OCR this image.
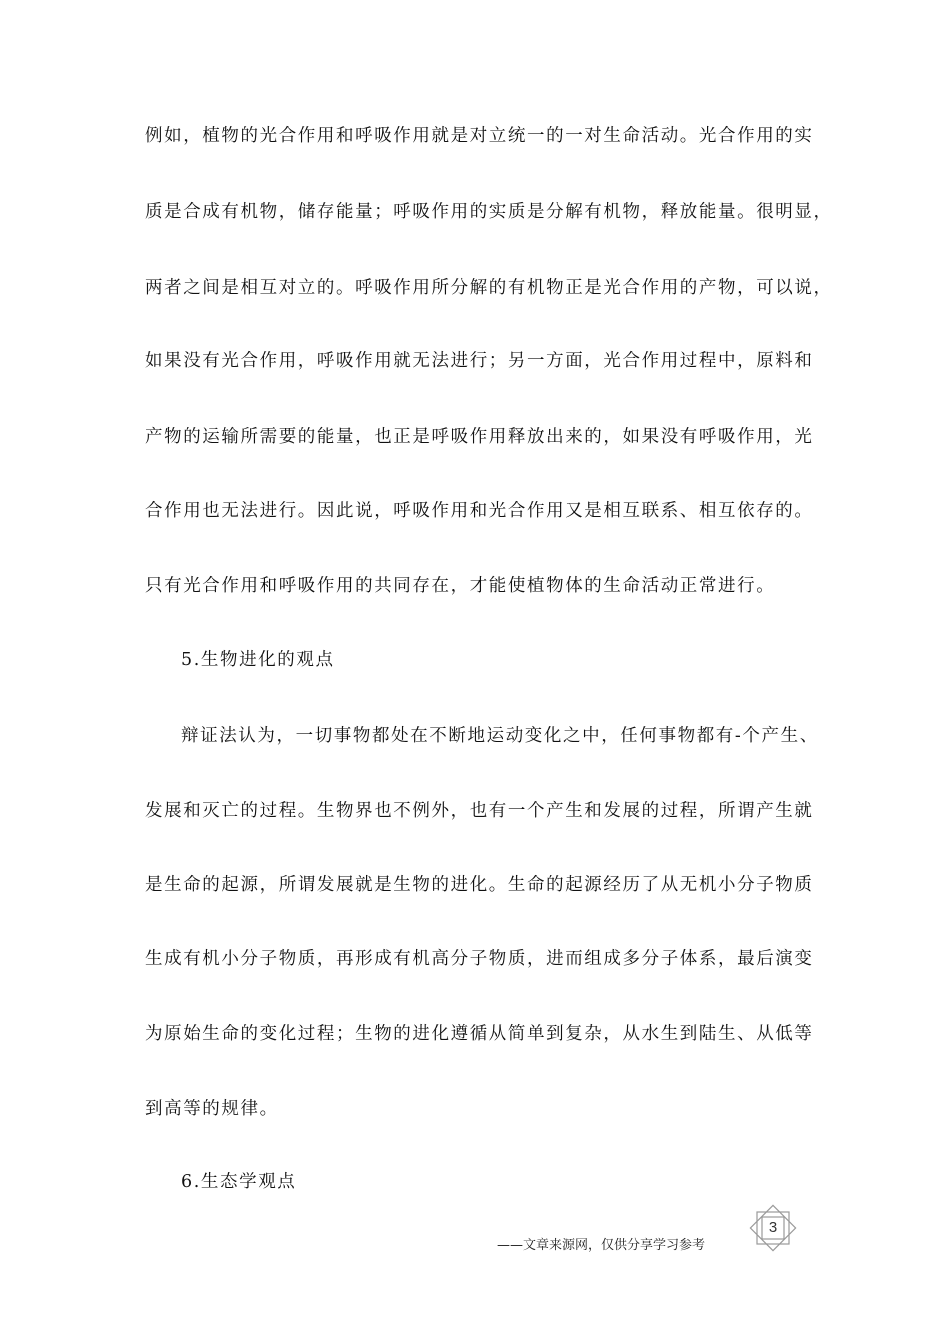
例如，植物的光合作用和呼吸作用就是对立统一的一对生命活动。光合作用的实
质是合成有机物，储存能量；呼吸作用的实质是分解有机物，释放能量。很明显，
两者之间是相互对立的。呼吸作用所分解的有机物正是光合作用的产物，可以说，
如果没有光合作用，呼吸作用就无法进行；另一方面，光合作用过程中，原料和
产物的运输所需要的能量，也正是呼吸作用释放出来的，如果没有呼吸作用，光
合作用也无法进行。因此说，呼吸作用和光合作用又是相互联系、相互依存的。
只有光合作用和呼吸作用的共同存在，才能使植物体的生命活动正常进行。
5.生物进化的观点
辩证法认为，一切事物都处在不断地运动变化之中，任何事物都有-个产生、
发展和灭亡的过程。生物界也不例外，也有一个产生和发展的过程，所谓产生就
是生命的起源，所谓发展就是生物的进化。生命的起源经历了从无机小分子物质
生成有机小分子物质，再形成有机高分子物质，进而组成多分子体系，最后演变
为原始生命的变化过程；生物的进化遵循从简单到复杂，从水生到陆生、从低等
到高等的规律。
6.生态学观点
3
——文章来源网，仅供分享学习参考
